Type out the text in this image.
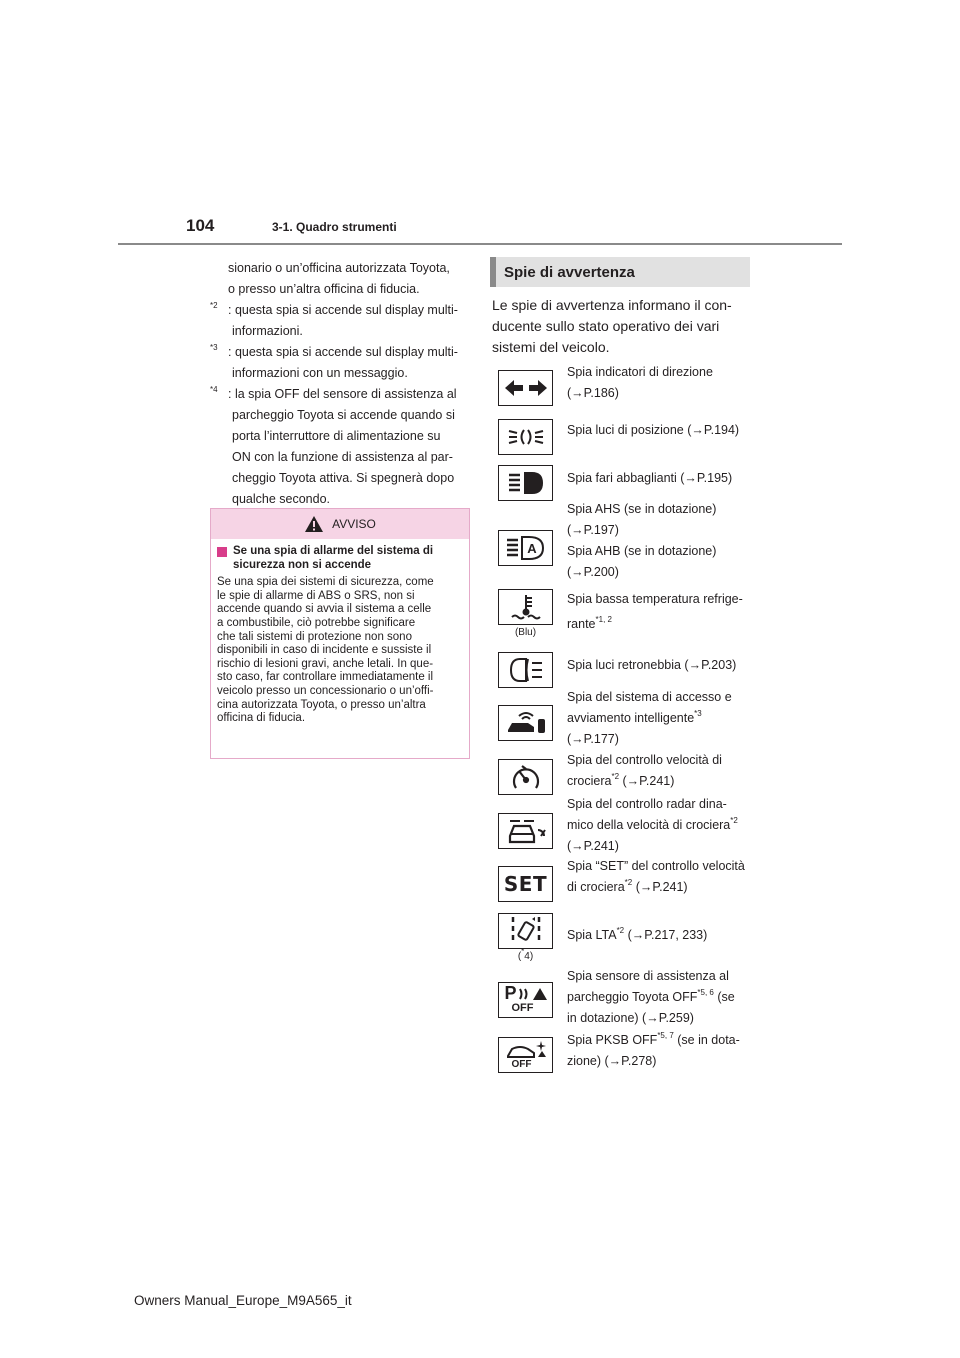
104	3-1. Quadro strumenti

sionario o un’officina autorizzata Toyota,

o presso un’altra officina di fiducia.

$^{*2}$ : questa spia si accende sul display multi-

informazioni.

$^{*3}$ : questa spia si accende sul display multi-

informazioni con un messaggio.

$^{*4}$ : la spia OFF del sensore di assistenza al

parcheggio Toyota si accende quando si

porta l’interruttore di alimentazione su

ON con la funzione di assistenza al par-

cheggio Toyota attiva. Si spegnerà dopo

qualche secondo.

AVVISO
Se una spia di allarme del sistema di
sicurezza non si accende

Se una spia dei sistemi di sicurezza, come

le spie di allarme di ABS o SRS, non si

accende quando si avvia il sistema a celle

a combustibile, ciò potrebbe significare

che tali sistemi di protezione non sono

disponibili in caso di incidente e sussiste il

rischio di lesioni gravi, anche letali. In que-

sto caso, far controllare immediatamente il

veicolo presso un concessionario o un’offi-

cina autorizzata Toyota, o presso un’altra

officina di fiducia.

Spie di avvertenza
Le spie di avvertenza informano il con-
ducente sullo stato operativo dei vari
sistemi del veicolo.

Spia indicatori di direzione

(→P.186)

Spia luci di posizione (→P.194)

Spia fari abbaglianti (→P.195)

A

Spia AHS (se in dotazione)

(→P.197)

Spia AHB (se in dotazione)

(→P.200)

(Blu)

Spia bassa temperatura refrige-

rante$^{*1, 2}$

Spia luci retronebbia (→P.203)

Spia del sistema di accesso e

avviamento intelligente$^{*3}$

(→P.177)

Spia del controllo velocità di

crociera$^{*2}$ (→P.241)

Spia del controllo radar dina-

mico della velocità di crociera$^{*2}$

(→P.241)

SET

Spia “SET” del controllo velocità

di crociera$^{*2}$ (→P.241)

(*4)

Spia LTA$^{*2}$ (→P.217, 233)

P
OFF

Spia sensore di assistenza al

parcheggio Toyota OFF$^{*5, 6}$ (se

in dotazione) (→P.259)

OFF

Spia PKSB OFF$^{*5, 7}$ (se in dota-

zione) (→P.278)

Owners Manual_Europe_M9A565_it
